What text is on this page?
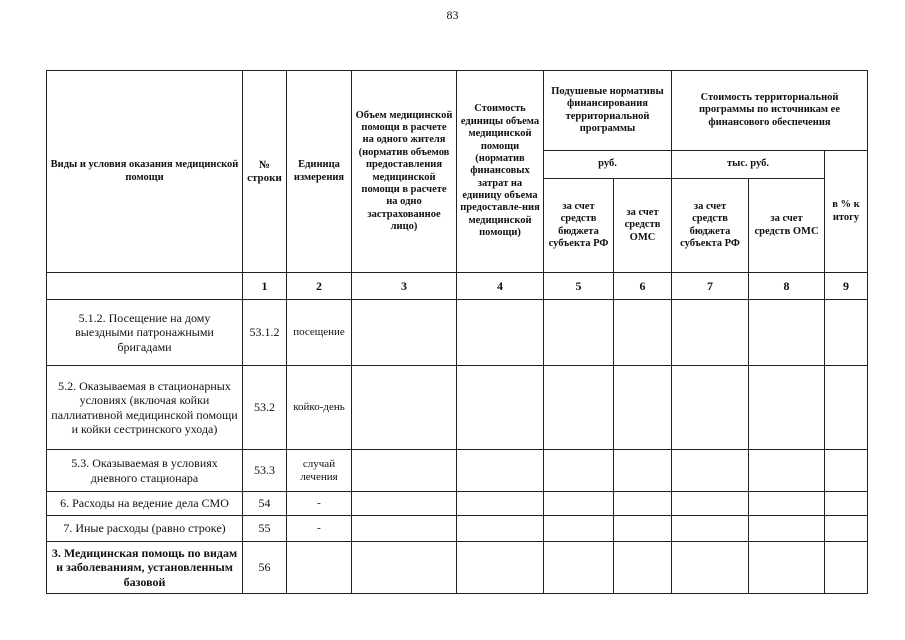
83
Виды и условия оказания медицинской помощи	№ строки	Единица измерения	Объем медицинской помощи в расчете на одного жителя (норматив объемов предоставления медицинской помощи в расчете на одно застрахованное лицо)	Стоимость единицы объема медицинской помощи (норматив финансовых затрат на единицу объема предоставле-ния медицинской помощи)	Подушевые нормативы финансирования территориальной программы		Стоимость территориальной программы по источникам ее финансового обеспечения		
					руб.		тыс. руб.		в % к итогу
					за счет средств бюджета субъекта РФ	за счет средств ОМС	за счет средств бюджета субъекта РФ	за счет средств ОМС	
	1	2	3	4	5	6	7	8	9
5.1.2. Посещение на дому выездными патронажными бригадами	53.1.2	посещение							
5.2. Оказываемая в стационарных условиях (включая койки паллиативной медицинской помощи и койки сестринского ухода)	53.2	койко-день							
5.3. Оказываемая в условиях дневного стационара	53.3	случай лечения							
6. Расходы на ведение дела СМО	54	-							
7. Иные расходы (равно строке)	55	-							
3. Медицинская помощь по видам и заболеваниям, установленным базовой	56								
